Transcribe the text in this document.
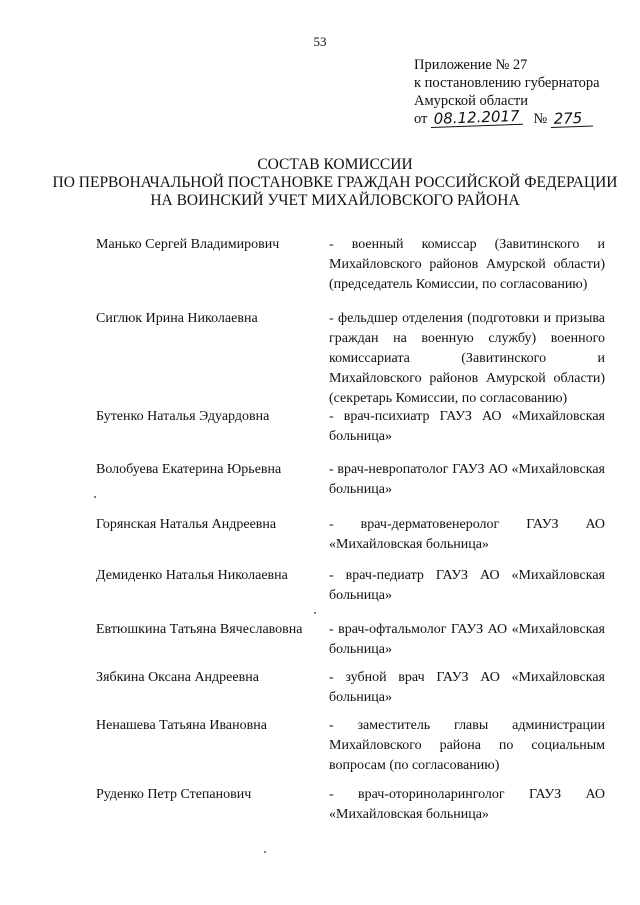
53
Приложение № 27
к постановлению губернатора
Амурской области
от 08.12.2017 № 275
СОСТАВ КОМИССИИ
ПО ПЕРВОНАЧАЛЬНОЙ ПОСТАНОВКЕ ГРАЖДАН РОССИЙСКОЙ ФЕДЕРАЦИИ
НА ВОИНСКИЙ УЧЕТ МИХАЙЛОВСКОГО РАЙОНА
Манько Сергей Владимирович	- военный комиссар (Завитинского и Михайловского районов Амурской области) (председатель Комиссии, по согласованию)
Сиглюк Ирина Николаевна	- фельдшер отделения (подготовки и призыва граждан на военную службу) военного комиссариата (Завитинского и Михайловского районов Амурской области) (секретарь Комиссии, по согласованию)
Бутенко Наталья Эдуардовна	- врач-психиатр ГАУЗ АО «Михайловская больница»
Волобуева Екатерина Юрьевна	- врач-невропатолог ГАУЗ АО «Михайловская больница»
Горянская Наталья Андреевна	- врач-дерматовенеролог ГАУЗ АО «Михайловская больница»
Демиденко Наталья Николаевна	- врач-педиатр ГАУЗ АО «Михайловская больница»
Евтюшкина Татьяна Вячеславовна - врач-офтальмолог ГАУЗ АО «Михайловская больница»
Зябкина Оксана Андреевна	- зубной врач ГАУЗ АО «Михайловская больница»
Ненашева Татьяна Ивановна	- заместитель главы администрации Михайловского района по социальным вопросам (по согласованию)
Руденко Петр Степанович	- врач-оториноларинголог ГАУЗ АО «Михайловская больница»
